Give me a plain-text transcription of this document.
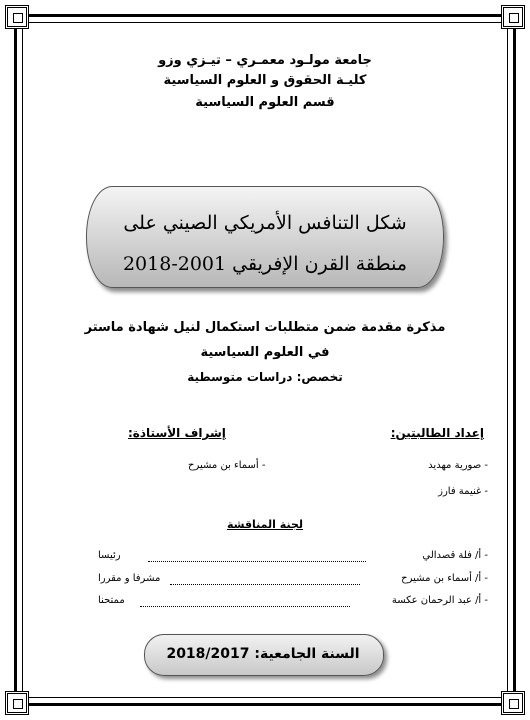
جامعة مولـود معمـري – تيـزي وزو
كليـة الحقوق و العلوم السياسية
قسم العلوم السياسية
شكل التنافس الأمريكي الصيني على
منطقة القرن الإفريقي 2001-2018
مذكرة مقدمة ضمن متطلبات استكمال لنيل شهادة ماستر
في العلوم السياسية
تخصص: دراسات متوسطية
إعداد الطالبتين:
إشراف الأستاذة:
- صورية مهديد
- غنيمة فارز
- أسماء بن مشيرح
لجنة المناقشة
- أ/ فلة قصدالي
رئيسا
- أ/ أسماء بن مشيرح
مشرفا و مقررا
- أ/ عبد الرحمان عكسة
ممتحنا
السنة الجامعية: 2018/2017
